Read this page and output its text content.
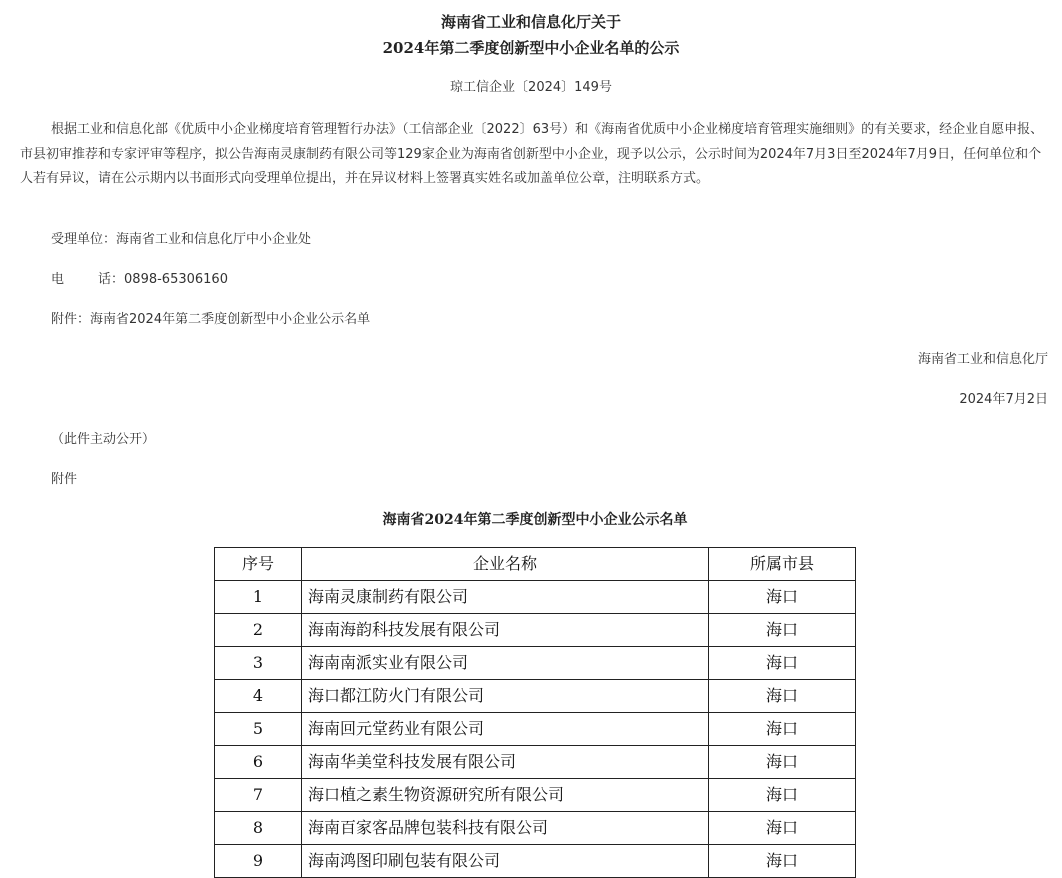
海南省工业和信息化厅关于
2024年第二季度创新型中小企业名单的公示
琼工信企业〔2024〕149号

根据工业和信息化部《优质中小企业梯度培育管理暂行办法》（工信部企业〔2022〕63号）和《海南省优质中小企业梯度培育管理实施细则》的有关要求，经企业自愿申报、市县初审推荐和专家评审等程序，拟公告海南灵康制药有限公司等129家企业为海南省创新型中小企业，现予以公示，公示时间为2024年7月3日至2024年7月9日，任何单位和个人若有异议，请在公示期内以书面形式向受理单位提出，并在异议材料上签署真实姓名或加盖单位公章，注明联系方式。

受理单位：海南省工业和信息化厅中小企业处
电	话：0898-65306160
附件：海南省2024年第二季度创新型中小企业公示名单
海南省工业和信息化厅
2024年7月2日
（此件主动公开）
附件
海南省2024年第二季度创新型中小企业公示名单
序号	企业名称	所属市县
1	海南灵康制药有限公司	海口
2	海南海韵科技发展有限公司	海口
3	海南南派实业有限公司	海口
4	海口都江防火门有限公司	海口
5	海南回元堂药业有限公司	海口
6	海南华美堂科技发展有限公司	海口
7	海口植之素生物资源研究所有限公司	海口
8	海南百家客品牌包装科技有限公司	海口
9	海南鸿图印刷包装有限公司	海口
